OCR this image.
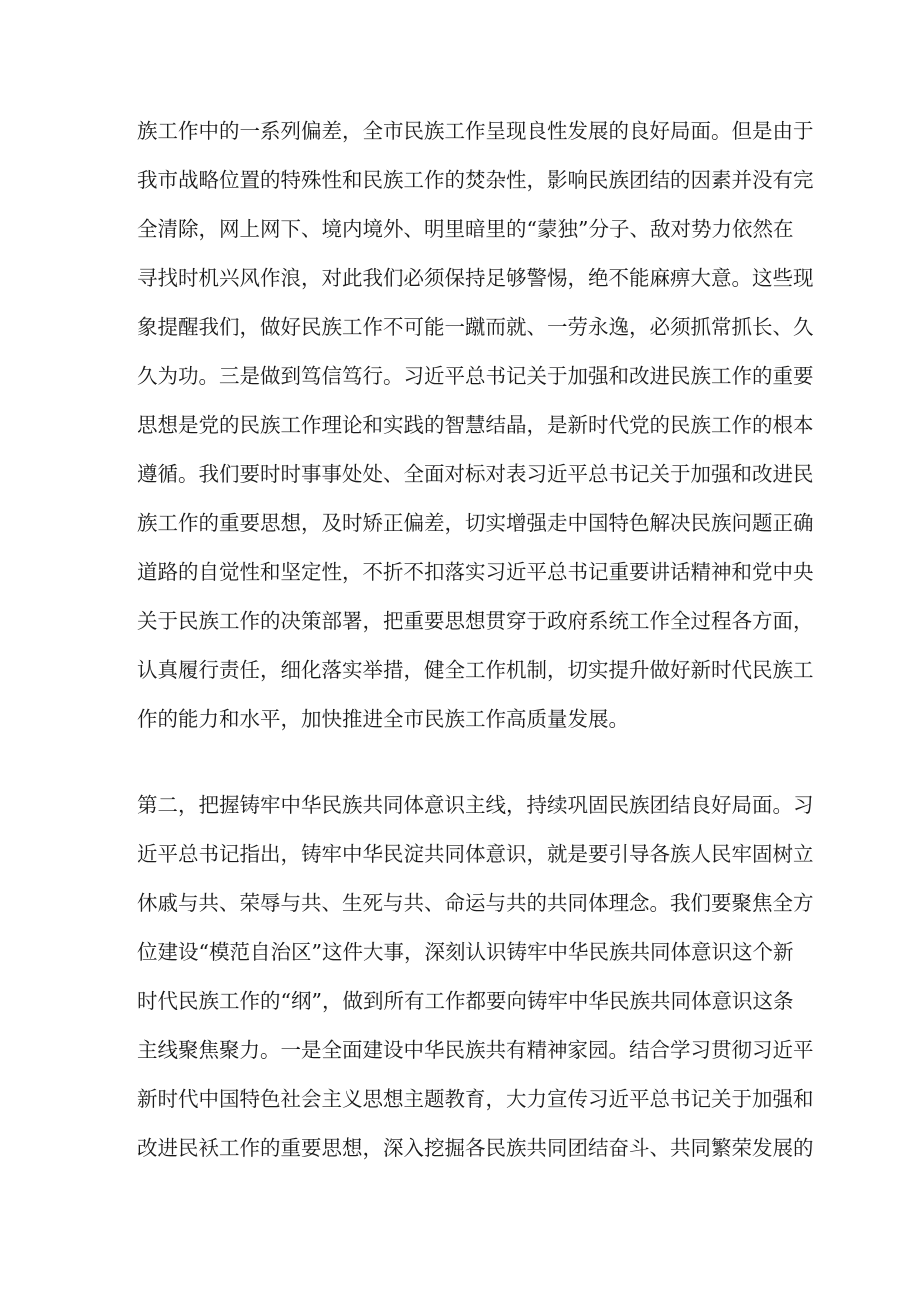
族工作中的一系列偏差，全市民族工作呈现良性发展的良好局面。但是由于

我市战略位置的特殊性和民族工作的焚杂性，影响民族团结的因素并没有完

全清除，网上网下、境内境外、明里暗里的“蒙独”分子、敌对势力依然在

寻找时机兴风作浪，对此我们必须保持足够警惕，绝不能麻痹大意。这些现

象提醒我们，做好民族工作不可能一蹴而就、一劳永逸，必须抓常抓长、久

久为功。三是做到笃信笃行。习近平总书记关于加强和改进民族工作的重要

思想是党的民族工作理论和实践的智慧结晶，是新时代党的民族工作的根本

遵循。我们要时时事事处处、全面对标对表习近平总书记关于加强和改进民

族工作的重要思想，及时矫正偏差，切实增强走中国特色解决民族问题正确

道路的自觉性和坚定性，不折不扣落实习近平总书记重要讲话精神和党中央

关于民族工作的决策部署，把重要思想贯穿于政府系统工作全过程各方面，

认真履行责任，细化落实举措，健全工作机制，切实提升做好新时代民族工

作的能力和水平，加快推进全市民族工作高质量发展。

第二，把握铸牢中华民族共同体意识主线，持续巩固民族团结良好局面。习

近平总书记指出，铸牢中华民淀共同体意识，就是要引导各族人民牢固树立

休戚与共、荣辱与共、生死与共、命运与共的共同体理念。我们要聚焦全方

位建设“模范自治区”这件大事，深刻认识铸牢中华民族共同体意识这个新

时代民族工作的“纲”，做到所有工作都要向铸牢中华民族共同体意识这条

主线聚焦聚力。一是全面建设中华民族共有精神家园。结合学习贯彻习近平

新时代中国特色社会主义思想主题教育，大力宣传习近平总书记关于加强和

改进民袄工作的重要思想，深入挖掘各民族共同团结奋斗、共同繁荣发展的
